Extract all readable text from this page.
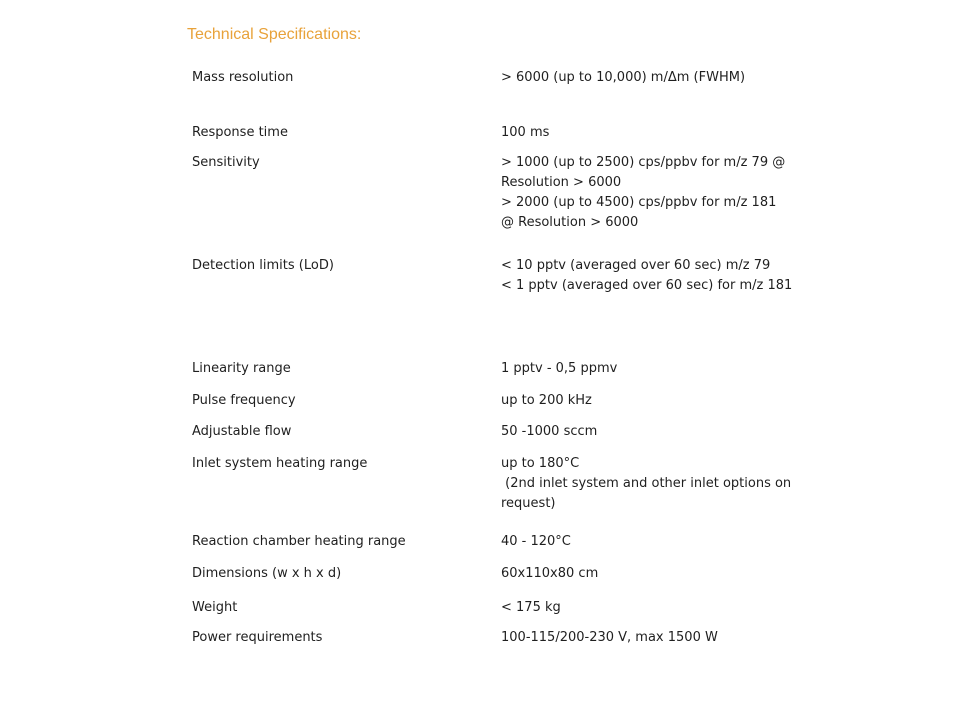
Technical Specifications:
Mass resolution	> 6000 (up to 10,000) m/Δm (FWHM)
Response time	100 ms
Sensitivity	> 1000 (up to 2500) cps/ppbv for m/z 79 @
Resolution > 6000
> 2000 (up to 4500) cps/ppbv for m/z 181
@ Resolution > 6000
Detection limits (LoD)	< 10 pptv (averaged over 60 sec) m/z 79
< 1 pptv (averaged over 60 sec) for m/z 181
Linearity range	1 pptv - 0,5 ppmv
Pulse frequency	up to 200 kHz
Adjustable flow	50 -1000 sccm
Inlet system heating range	up to 180°C
(2nd inlet system and other inlet options on
request)
Reaction chamber heating range	40 - 120°C
Dimensions (w x h x d)	60x110x80 cm
Weight	< 175 kg
Power requirements	100-115/200-230 V, max 1500 W
